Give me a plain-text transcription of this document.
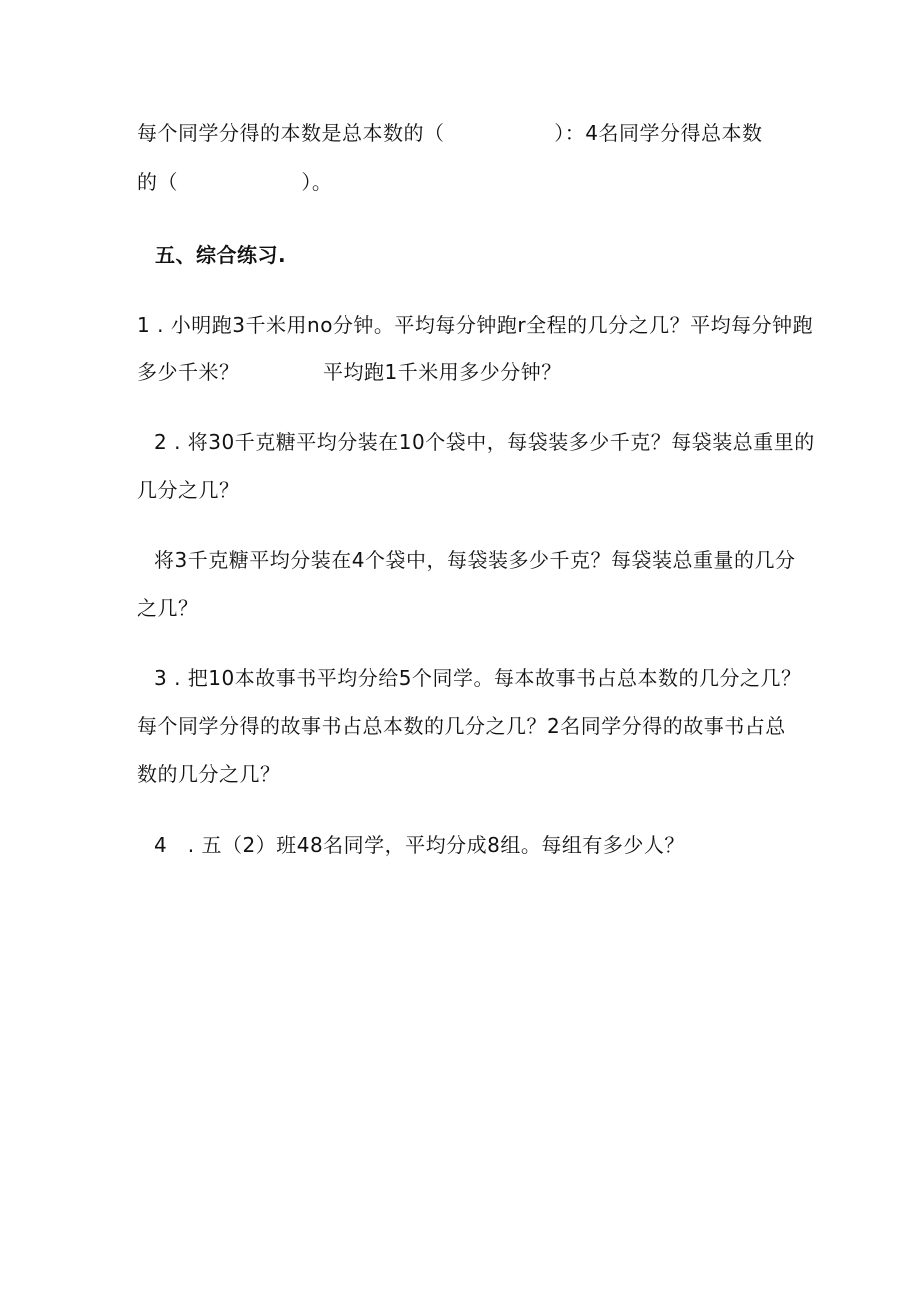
每个同学分得的本数是总本数的（                ）：4名同学分得总本数
的（                  ）。
五、综合练习.
1 . 小明跑3千米用no分钟。平均每分钟跑r全程的几分之几？平均每分钟跑
多少千米？	平均跑1千米用多少分钟？
2 . 将30千克糖平均分装在10个袋中，每袋装多少千克？每袋装总重里的
几分之几？
将3千克糖平均分装在4个袋中，每袋装多少千克？每袋装总重量的几分
之几？
3 . 把10本故事书平均分给5个同学。每本故事书占总本数的几分之几？
每个同学分得的故事书占总本数的几分之几？2名同学分得的故事书占总
数的几分之几？
4   . 五（2）班48名同学，平均分成8组。每组有多少人？
